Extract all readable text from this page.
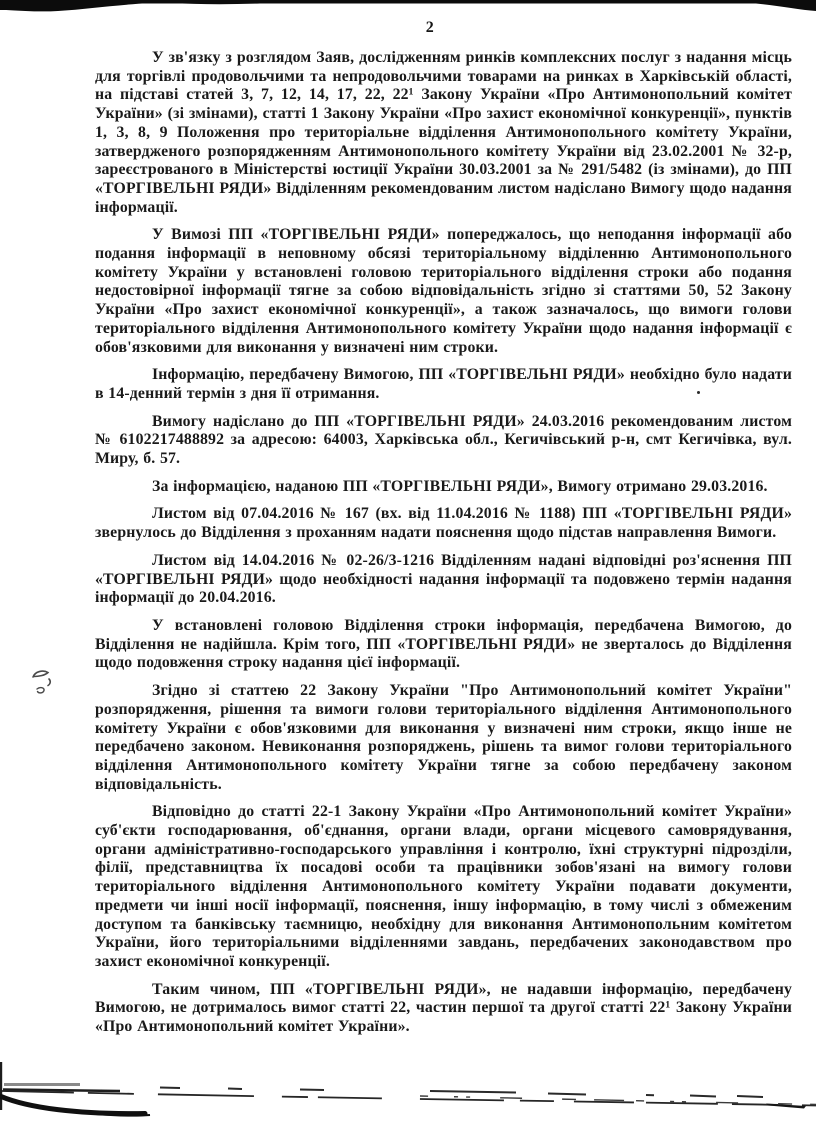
2

У зв'язку з розглядом Заяв, дослідженням ринків комплексних послуг з надання місць для торгівлі продовольчими та непродовольчими товарами на ринках в Харківській області, на підставі статей 3, 7, 12, 14, 17, 22, 22¹ Закону України «Про Антимонопольний комітет України» (зі змінами), статті 1 Закону України «Про захист економічної конкуренції», пунктів 1, 3, 8, 9 Положення про територіальне відділення Антимонопольного комітету України, затвердженого розпорядженням Антимонопольного комітету України від 23.02.2001 № 32-р, зареєстрованого в Міністерстві юстиції України 30.03.2001 за № 291/5482 (із змінами), до ПП «ТОРГІВЕЛЬНІ РЯДИ» Відділенням рекомендованим листом надіслано Вимогу щодо надання інформації.

У Вимозі ПП «ТОРГІВЕЛЬНІ РЯДИ» попереджалось, що неподання інформації або подання інформації в неповному обсязі територіальному відділенню Антимонопольного комітету України у встановлені головою територіального відділення строки або подання недостовірної інформації тягне за собою відповідальність згідно зі статтями 50, 52 Закону України «Про захист економічної конкуренції», а також зазначалось, що вимоги голови територіального відділення Антимонопольного комітету України щодо надання інформації є обов'язковими для виконання у визначені ним строки.

Інформацію, передбачену Вимогою, ПП «ТОРГІВЕЛЬНІ РЯДИ» необхідно було надати в 14-денний термін з дня її отримання.

Вимогу надіслано до ПП «ТОРГІВЕЛЬНІ РЯДИ» 24.03.2016 рекомендованим листом № 6102217488892 за адресою: 64003, Харківська обл., Кегичівський р-н, смт Кегичівка, вул. Миру, б. 57.

За інформацією, наданою ПП «ТОРГІВЕЛЬНІ РЯДИ», Вимогу отримано 29.03.2016.

Листом від 07.04.2016 № 167 (вх. від 11.04.2016 № 1188) ПП «ТОРГІВЕЛЬНІ РЯДИ» звернулось до Відділення з проханням надати пояснення щодо підстав направлення Вимоги.

Листом від 14.04.2016 № 02-26/3-1216 Відділенням надані відповідні роз'яснення ПП «ТОРГІВЕЛЬНІ РЯДИ» щодо необхідності надання інформації та подовжено термін надання інформації до 20.04.2016.

У встановлені головою Відділення строки інформація, передбачена Вимогою, до Відділення не надійшла. Крім того, ПП «ТОРГІВЕЛЬНІ РЯДИ» не зверталось до Відділення щодо подовження строку надання цієї інформації.

Згідно зі статтею 22 Закону України "Про Антимонопольний комітет України" розпорядження, рішення та вимоги голови територіального відділення Антимонопольного комітету України є обов'язковими для виконання у визначені ним строки, якщо інше не передбачено законом. Невиконання розпоряджень, рішень та вимог голови територіального відділення Антимонопольного комітету України тягне за собою передбачену законом відповідальність.

Відповідно до статті 22-1 Закону України «Про Антимонопольний комітет України» суб'єкти господарювання, об'єднання, органи влади, органи місцевого самоврядування, органи адміністративно-господарського управління і контролю, їхні структурні підрозділи, філії, представництва їх посадові особи та працівники зобов'язані на вимогу голови територіального відділення Антимонопольного комітету України подавати документи, предмети чи інші носії інформації, пояснення, іншу інформацію, в тому числі з обмеженим доступом та банківську таємницю, необхідну для виконання Антимонопольним комітетом України, його територіальними відділеннями завдань, передбачених законодавством про захист економічної конкуренції.

Таким чином, ПП «ТОРГІВЕЛЬНІ РЯДИ», не надавши інформацію, передбачену Вимогою, не дотрималось вимог статті 22, частин першої та другої статті 22¹ Закону України «Про Антимонопольний комітет України».
